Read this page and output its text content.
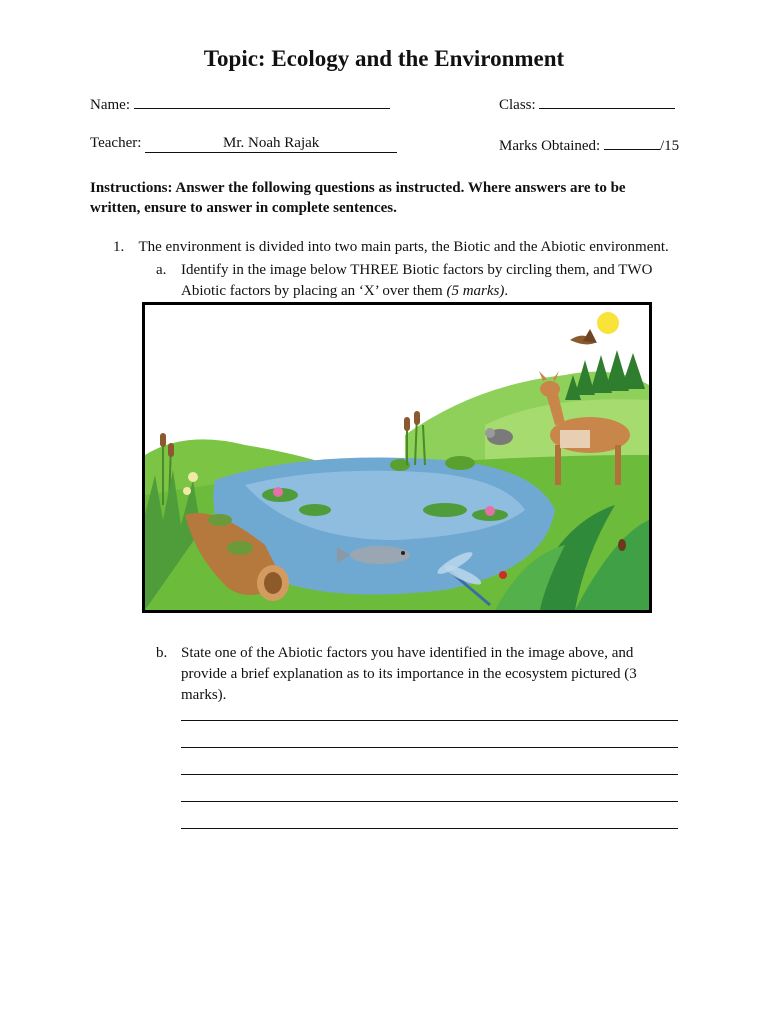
Topic: Ecology and the Environment
Name:	Class:
Teacher:	Mr. Noah Rajak	Marks Obtained:	/15
Instructions: Answer the following questions as instructed. Where answers are to be written, ensure to answer in complete sentences.
1. The environment is divided into two main parts, the Biotic and the Abiotic environment.
a. Identify in the image below THREE Biotic factors by circling them, and TWO Abiotic factors by placing an ‘X’ over them (5 marks).
b. State one of the Abiotic factors you have identified in the image above, and provide a brief explanation as to its importance in the ecosystem pictured (3 marks).
